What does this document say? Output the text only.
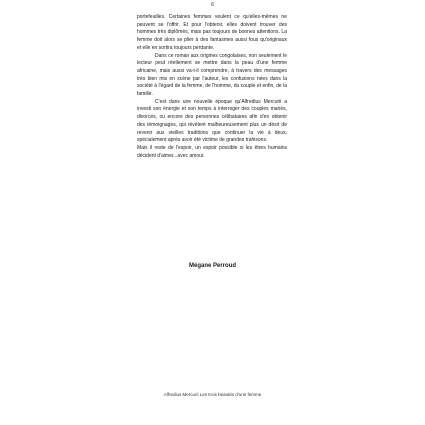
6

portefeuilles. Certaines femmes veulent ce qu'elles-mêmes ne peuvent se l'offrir. Et pour l'obtenir, elles doivent trouver des hommes très diplômés, mais pas toujours de bonnes attentions. La femme doit alors se plier à des fantasmes aussi fous qu'originaux et elle en sortira toujours perdante.

Dans ce roman aux origines congolaises, non seulement le lecteur peut réellement se mettre dans la peau d'une femme africaine, mais aussi va-t-il comprendre, à travers des messages très bien mis en scène par l'auteur, les confusions nées dans la société à l'égard de la femme, de l'homme, du couple et enfin, de la famille.

C'est dans une nouvelle époque qu'Alfredius Mercurii a investi son énergie et son temps à interroger des couples mariés, divorcés, ou encore des personnes célibataires afin d'en obtenir des témoignages, qui révèlent malheureusement plus un désir de revenir aux vieilles traditions que continuer la vie à deux, spécialement après avoir été victime de grandes trahisons.

Mais il reste de l'espoir, un espoir possible si les êtres humains décident d'aimer...avec amour.

Mégane Perroud
Alfredius Mercurii Les trois beautés d'une femme
